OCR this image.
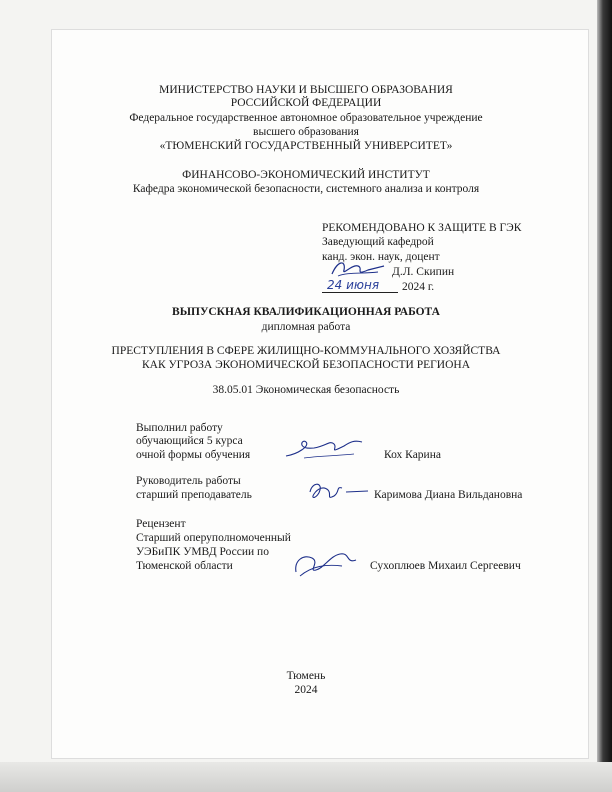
МИНИСТЕРСТВО НАУКИ И ВЫСШЕГО ОБРАЗОВАНИЯ
РОССИЙСКОЙ ФЕДЕРАЦИИ
Федеральное государственное автономное образовательное учреждение
высшего образования
«ТЮМЕНСКИЙ ГОСУДАРСТВЕННЫЙ УНИВЕРСИТЕТ»
ФИНАНСОВО-ЭКОНОМИЧЕСКИЙ ИНСТИТУТ
Кафедра экономической безопасности, системного анализа и контроля
РЕКОМЕНДОВАНО К ЗАЩИТЕ В ГЭК
Заведующий кафедрой
канд. экон. наук, доцент
Д.Л. Скипин
24 июня 2024 г.
ВЫПУСКНАЯ КВАЛИФИКАЦИОННАЯ РАБОТА
дипломная работа
ПРЕСТУПЛЕНИЯ В СФЕРЕ ЖИЛИЩНО-КОММУНАЛЬНОГО ХОЗЯЙСТВА
КАК УГРОЗА ЭКОНОМИЧЕСКОЙ БЕЗОПАСНОСТИ РЕГИОНА
38.05.01 Экономическая безопасность
Выполнил работу
обучающийся 5 курса
очной формы обучения	Кох Карина
Руководитель работы
старший преподаватель	Каримова Диана Вильдановна
Рецензент
Старший оперуполномоченный
УЭБиПК УМВД России по
Тюменской области	Сухоплюев Михаил Сергеевич
Тюмень
2024
